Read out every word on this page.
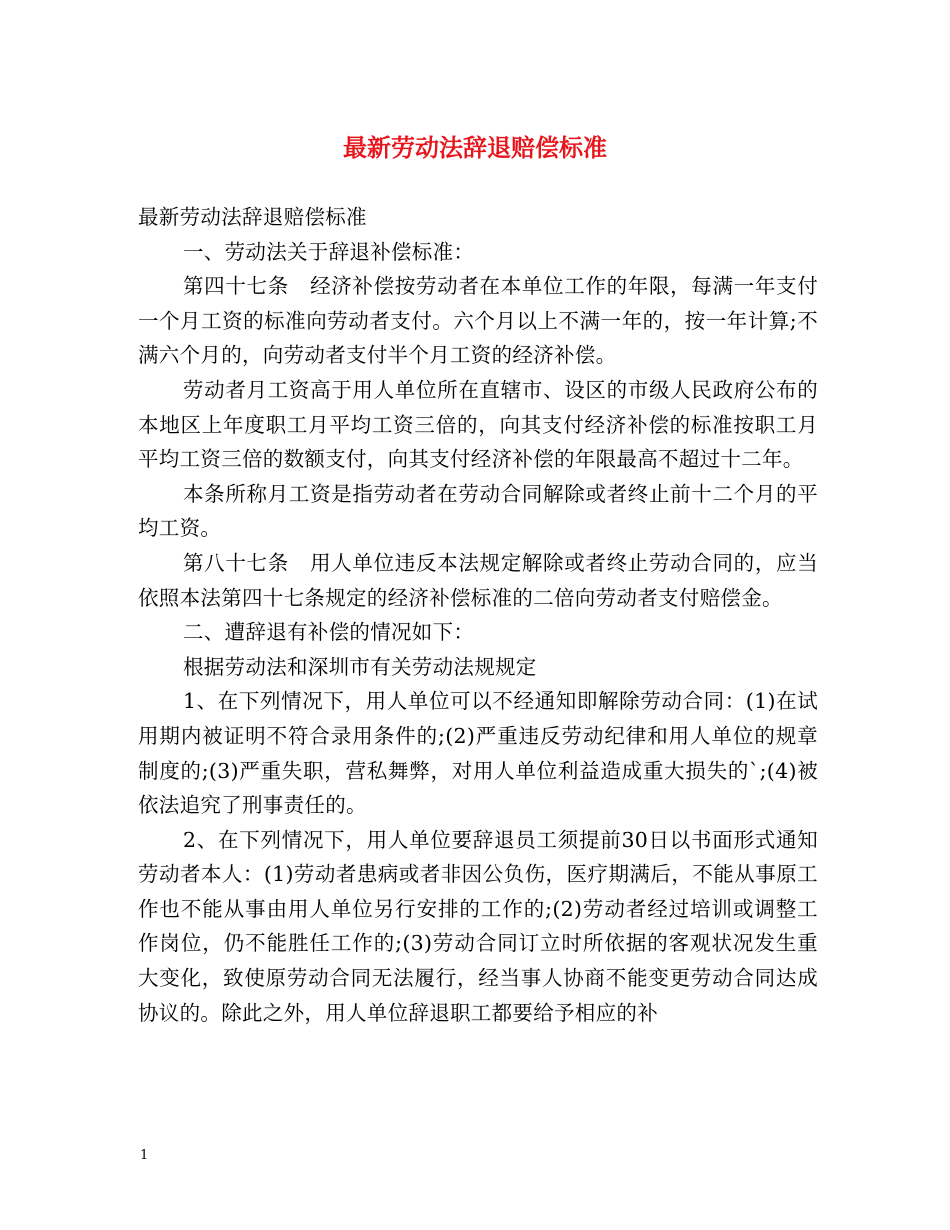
最新劳动法辞退赔偿标准

最新劳动法辞退赔偿标准

一、劳动法关于辞退补偿标准：

第四十七条　经济补偿按劳动者在本单位工作的年限，每满一年支付一个月工资的标准向劳动者支付。六个月以上不满一年的，按一年计算;不满六个月的，向劳动者支付半个月工资的经济补偿。

劳动者月工资高于用人单位所在直辖市、设区的市级人民政府公布的本地区上年度职工月平均工资三倍的，向其支付经济补偿的标准按职工月平均工资三倍的数额支付，向其支付经济补偿的年限最高不超过十二年。

本条所称月工资是指劳动者在劳动合同解除或者终止前十二个月的平均工资。

第八十七条　用人单位违反本法规定解除或者终止劳动合同的，应当依照本法第四十七条规定的经济补偿标准的二倍向劳动者支付赔偿金。

二、遭辞退有补偿的情况如下：

根据劳动法和深圳市有关劳动法规规定

1、在下列情况下，用人单位可以不经通知即解除劳动合同：(1)在试用期内被证明不符合录用条件的;(2)严重违反劳动纪律和用人单位的规章制度的;(3)严重失职，营私舞弊，对用人单位利益造成重大损失的`;(4)被依法追究了刑事责任的。

2、在下列情况下，用人单位要辞退员工须提前30日以书面形式通知劳动者本人：(1)劳动者患病或者非因公负伤，医疗期满后，不能从事原工作也不能从事由用人单位另行安排的工作的;(2)劳动者经过培训或调整工作岗位，仍不能胜任工作的;(3)劳动合同订立时所依据的客观状况发生重大变化，致使原劳动合同无法履行，经当事人协商不能变更劳动合同达成协议的。除此之外，用人单位辞退职工都要给予相应的补

1
